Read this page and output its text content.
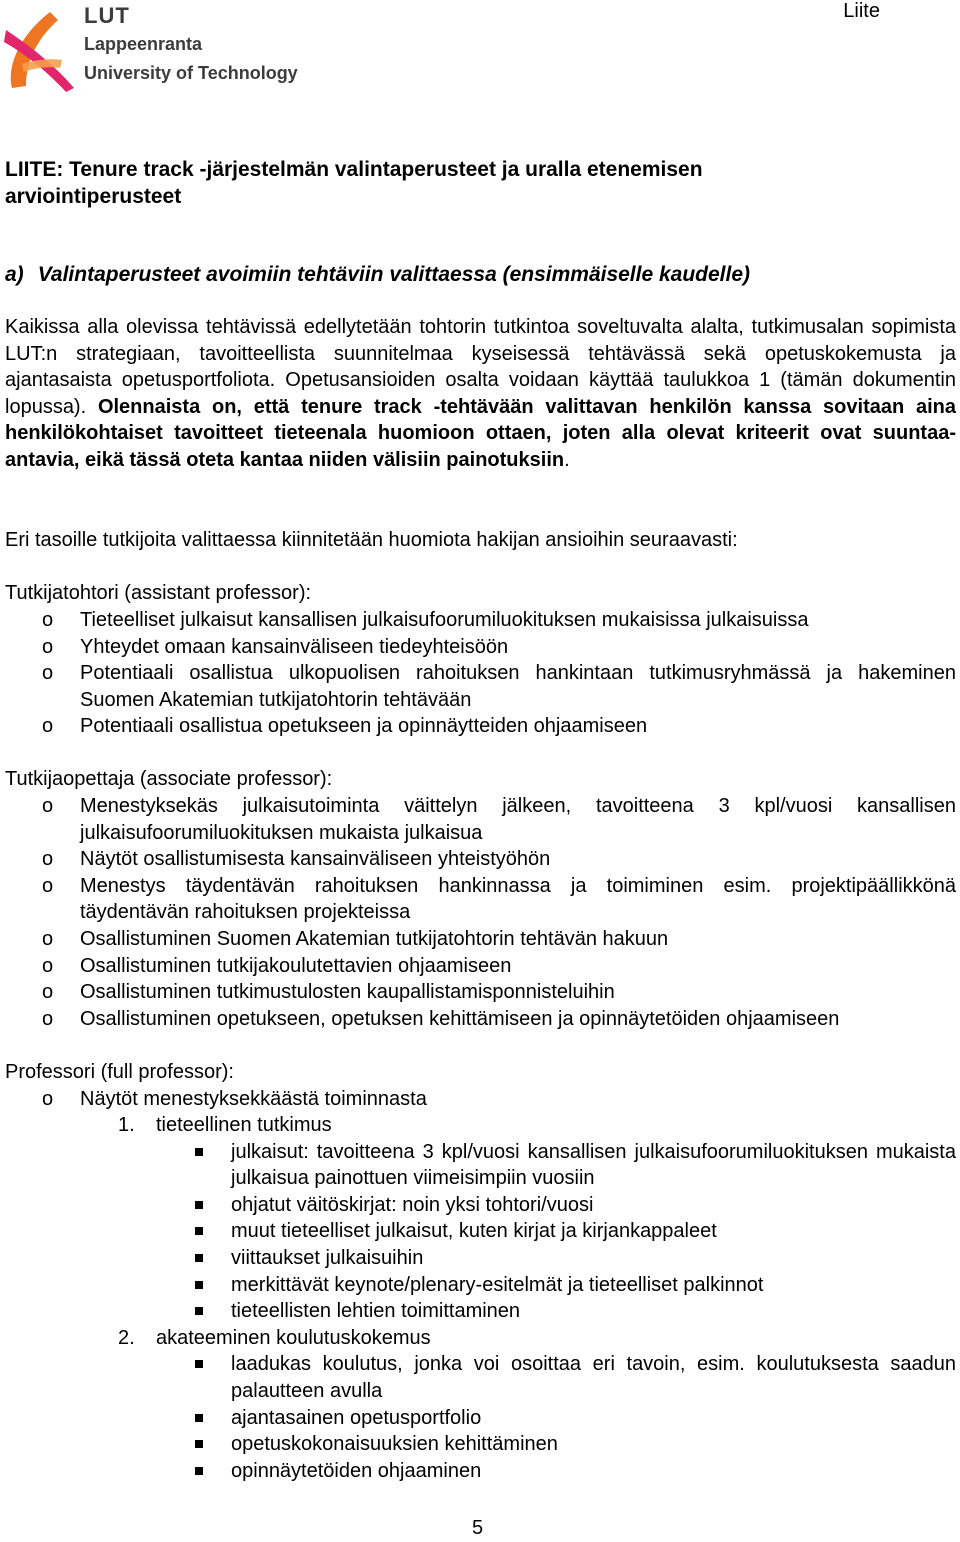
LUT
Lappeenranta
University of Technology
Liite
LIITE: Tenure track -järjestelmän valintaperusteet ja uralla etenemisen arviointiperusteet
a) Valintaperusteet avoimiin tehtäviin valittaessa (ensimmäiselle kaudelle)

Kaikissa alla olevissa tehtävissä edellytetään tohtorin tutkintoa soveltuvalta alalta, tutkimusalan sopimista LUT:n strategiaan, tavoitteellista suunnitelmaa kyseisessä tehtävässä sekä opetuskokemusta ja ajantasaista opetusportfoliota. Opetusansioiden osalta voidaan käyttää taulukkoa 1 (tämän dokumentin lopussa). Olennaista on, että tenure track -tehtävään valittavan henkilön kanssa sovitaan aina henkilökohtaiset tavoitteet tieteenala huomioon ottaen, joten alla olevat kriteerit ovat suuntaa-antavia, eikä tässä oteta kantaa niiden välisiin painotuksiin.

Eri tasoille tutkijoita valittaessa kiinnitetään huomiota hakijan ansioihin seuraavasti:
Tutkijatohtori (assistant professor):
o Tieteelliset julkaisut kansallisen julkaisufoorumiluokituksen mukaisissa julkaisuissa
o Yhteydet omaan kansainväliseen tiedeyhteisöön
o Potentiaali osallistua ulkopuolisen rahoituksen hankintaan tutkimusryhmässä ja hakeminen Suomen Akatemian tutkijatohtorin tehtävään
o Potentiaali osallistua opetukseen ja opinnäytteiden ohjaamiseen
Tutkijaopettaja (associate professor):
o Menestyksekäs julkaisutoiminta väittelyn jälkeen, tavoitteena 3 kpl/vuosi kansallisen julkaisufoorumiluokituksen mukaista julkaisua
o Näytöt osallistumisesta kansainväliseen yhteistyöhön
o Menestys täydentävän rahoituksen hankinnassa ja toimiminen esim. projektipäällikkönä täydentävän rahoituksen projekteissa
o Osallistuminen Suomen Akatemian tutkijatohtorin tehtävän hakuun
o Osallistuminen tutkijakoulutettavien ohjaamiseen
o Osallistuminen tutkimustulosten kaupallistamisponnisteluihin
o Osallistuminen opetukseen, opetuksen kehittämiseen ja opinnäytetöiden ohjaamiseen
Professori (full professor):
o Näytöt menestyksekkäästä toiminnasta
1. tieteellinen tutkimus
julkaisut: tavoitteena 3 kpl/vuosi kansallisen julkaisufoorumiluokituksen mukaista julkaisua painottuen viimeisimpiin vuosiin
ohjatut väitöskirjat: noin yksi tohtori/vuosi
muut tieteelliset julkaisut, kuten kirjat ja kirjankappaleet
viittaukset julkaisuihin
merkittävät keynote/plenary-esitelmät ja tieteelliset palkinnot
tieteellisten lehtien toimittaminen
2. akateeminen koulutuskokemus
laadukas koulutus, jonka voi osoittaa eri tavoin, esim. koulutuksesta saadun palautteen avulla
ajantasainen opetusportfolio
opetuskokonaisuuksien kehittäminen
opinnäytetöiden ohjaaminen
5
